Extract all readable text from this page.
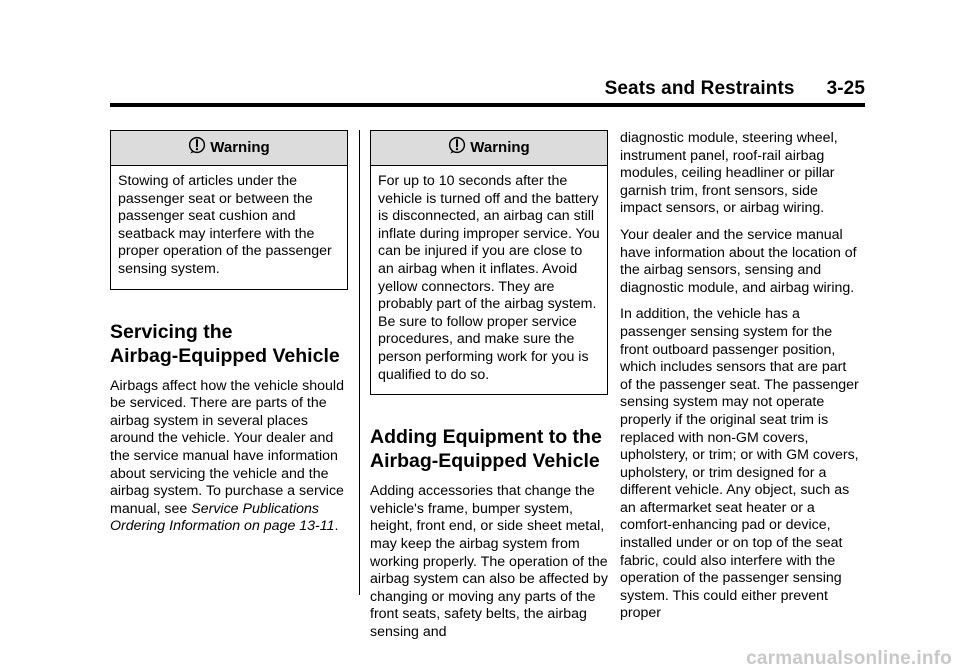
Seats and Restraints 3-25
Warning
Stowing of articles under the passenger seat or between the passenger seat cushion and seatback may interfere with the proper operation of the passenger sensing system.
Servicing the
Airbag-Equipped Vehicle

Airbags affect how the vehicle should be serviced. There are parts of the airbag system in several places around the vehicle. Your dealer and the service manual have information about servicing the vehicle and the airbag system. To purchase a service manual, see Service Publications Ordering Information on page 13-11.

Warning
For up to 10 seconds after the vehicle is turned off and the battery is disconnected, an airbag can still inflate during improper service. You can be injured if you are close to an airbag when it inflates. Avoid yellow connectors. They are probably part of the airbag system. Be sure to follow proper service procedures, and make sure the person performing work for you is qualified to do so.
Adding Equipment to the
Airbag-Equipped Vehicle

Adding accessories that change the vehicle's frame, bumper system, height, front end, or side sheet metal, may keep the airbag system from working properly. The operation of the airbag system can also be affected by changing or moving any parts of the front seats, safety belts, the airbag sensing and

diagnostic module, steering wheel, instrument panel, roof-rail airbag modules, ceiling headliner or pillar garnish trim, front sensors, side impact sensors, or airbag wiring.

Your dealer and the service manual have information about the location of the airbag sensors, sensing and diagnostic module, and airbag wiring.

In addition, the vehicle has a passenger sensing system for the front outboard passenger position, which includes sensors that are part of the passenger seat. The passenger sensing system may not operate properly if the original seat trim is replaced with non-GM covers, upholstery, or trim; or with GM covers, upholstery, or trim designed for a different vehicle. Any object, such as an aftermarket seat heater or a comfort-enhancing pad or device, installed under or on top of the seat fabric, could also interfere with the operation of the passenger sensing system. This could either prevent proper

carmanualsonline.info
